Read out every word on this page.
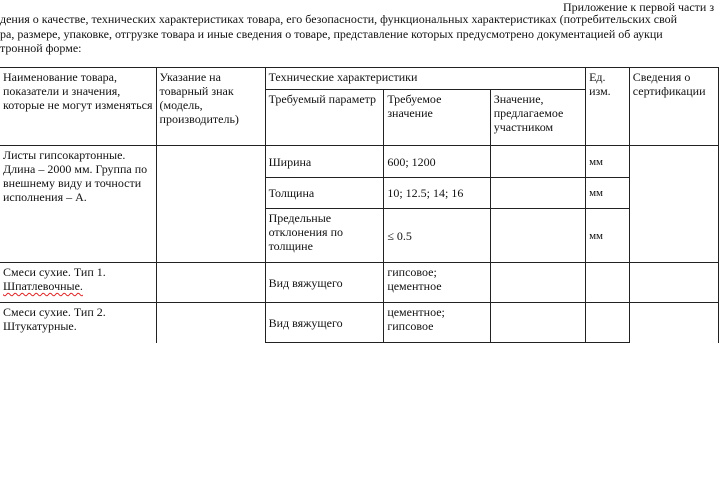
Приложение к первой части з
дения о качестве, технических характеристиках товара, его безопасности, функциональных характеристиках (потребительских свой
ра, размере, упаковке, отгрузке товара и иные сведения о товаре, представление которых предусмотрено документацией об аукци
тронной форме:
Наименование товара, показатели и значения, которые не могут изменяться	Указание на товарный знак (модель, производитель)	Технические характеристики			Ед. изм.	Сведения о сертификации
		Требуемый параметр	Требуемое значение	Значение, предлагаемое участником		
Листы гипсокартонные. Длина – 2000 мм. Группа по внешнему виду и точности исполнения – А.		Ширина	600; 1200		мм	
		Толщина	10; 12.5; 14; 16		мм	
		Предельные отклонения по толщине	≤ 0.5		мм	
Смеси сухие. Тип 1.
Шпатлевочные.		Вид вяжущего	гипсовое; цементное			
Смеси сухие. Тип 2. Штукатурные.		Вид вяжущего	цементное; гипсовое			
